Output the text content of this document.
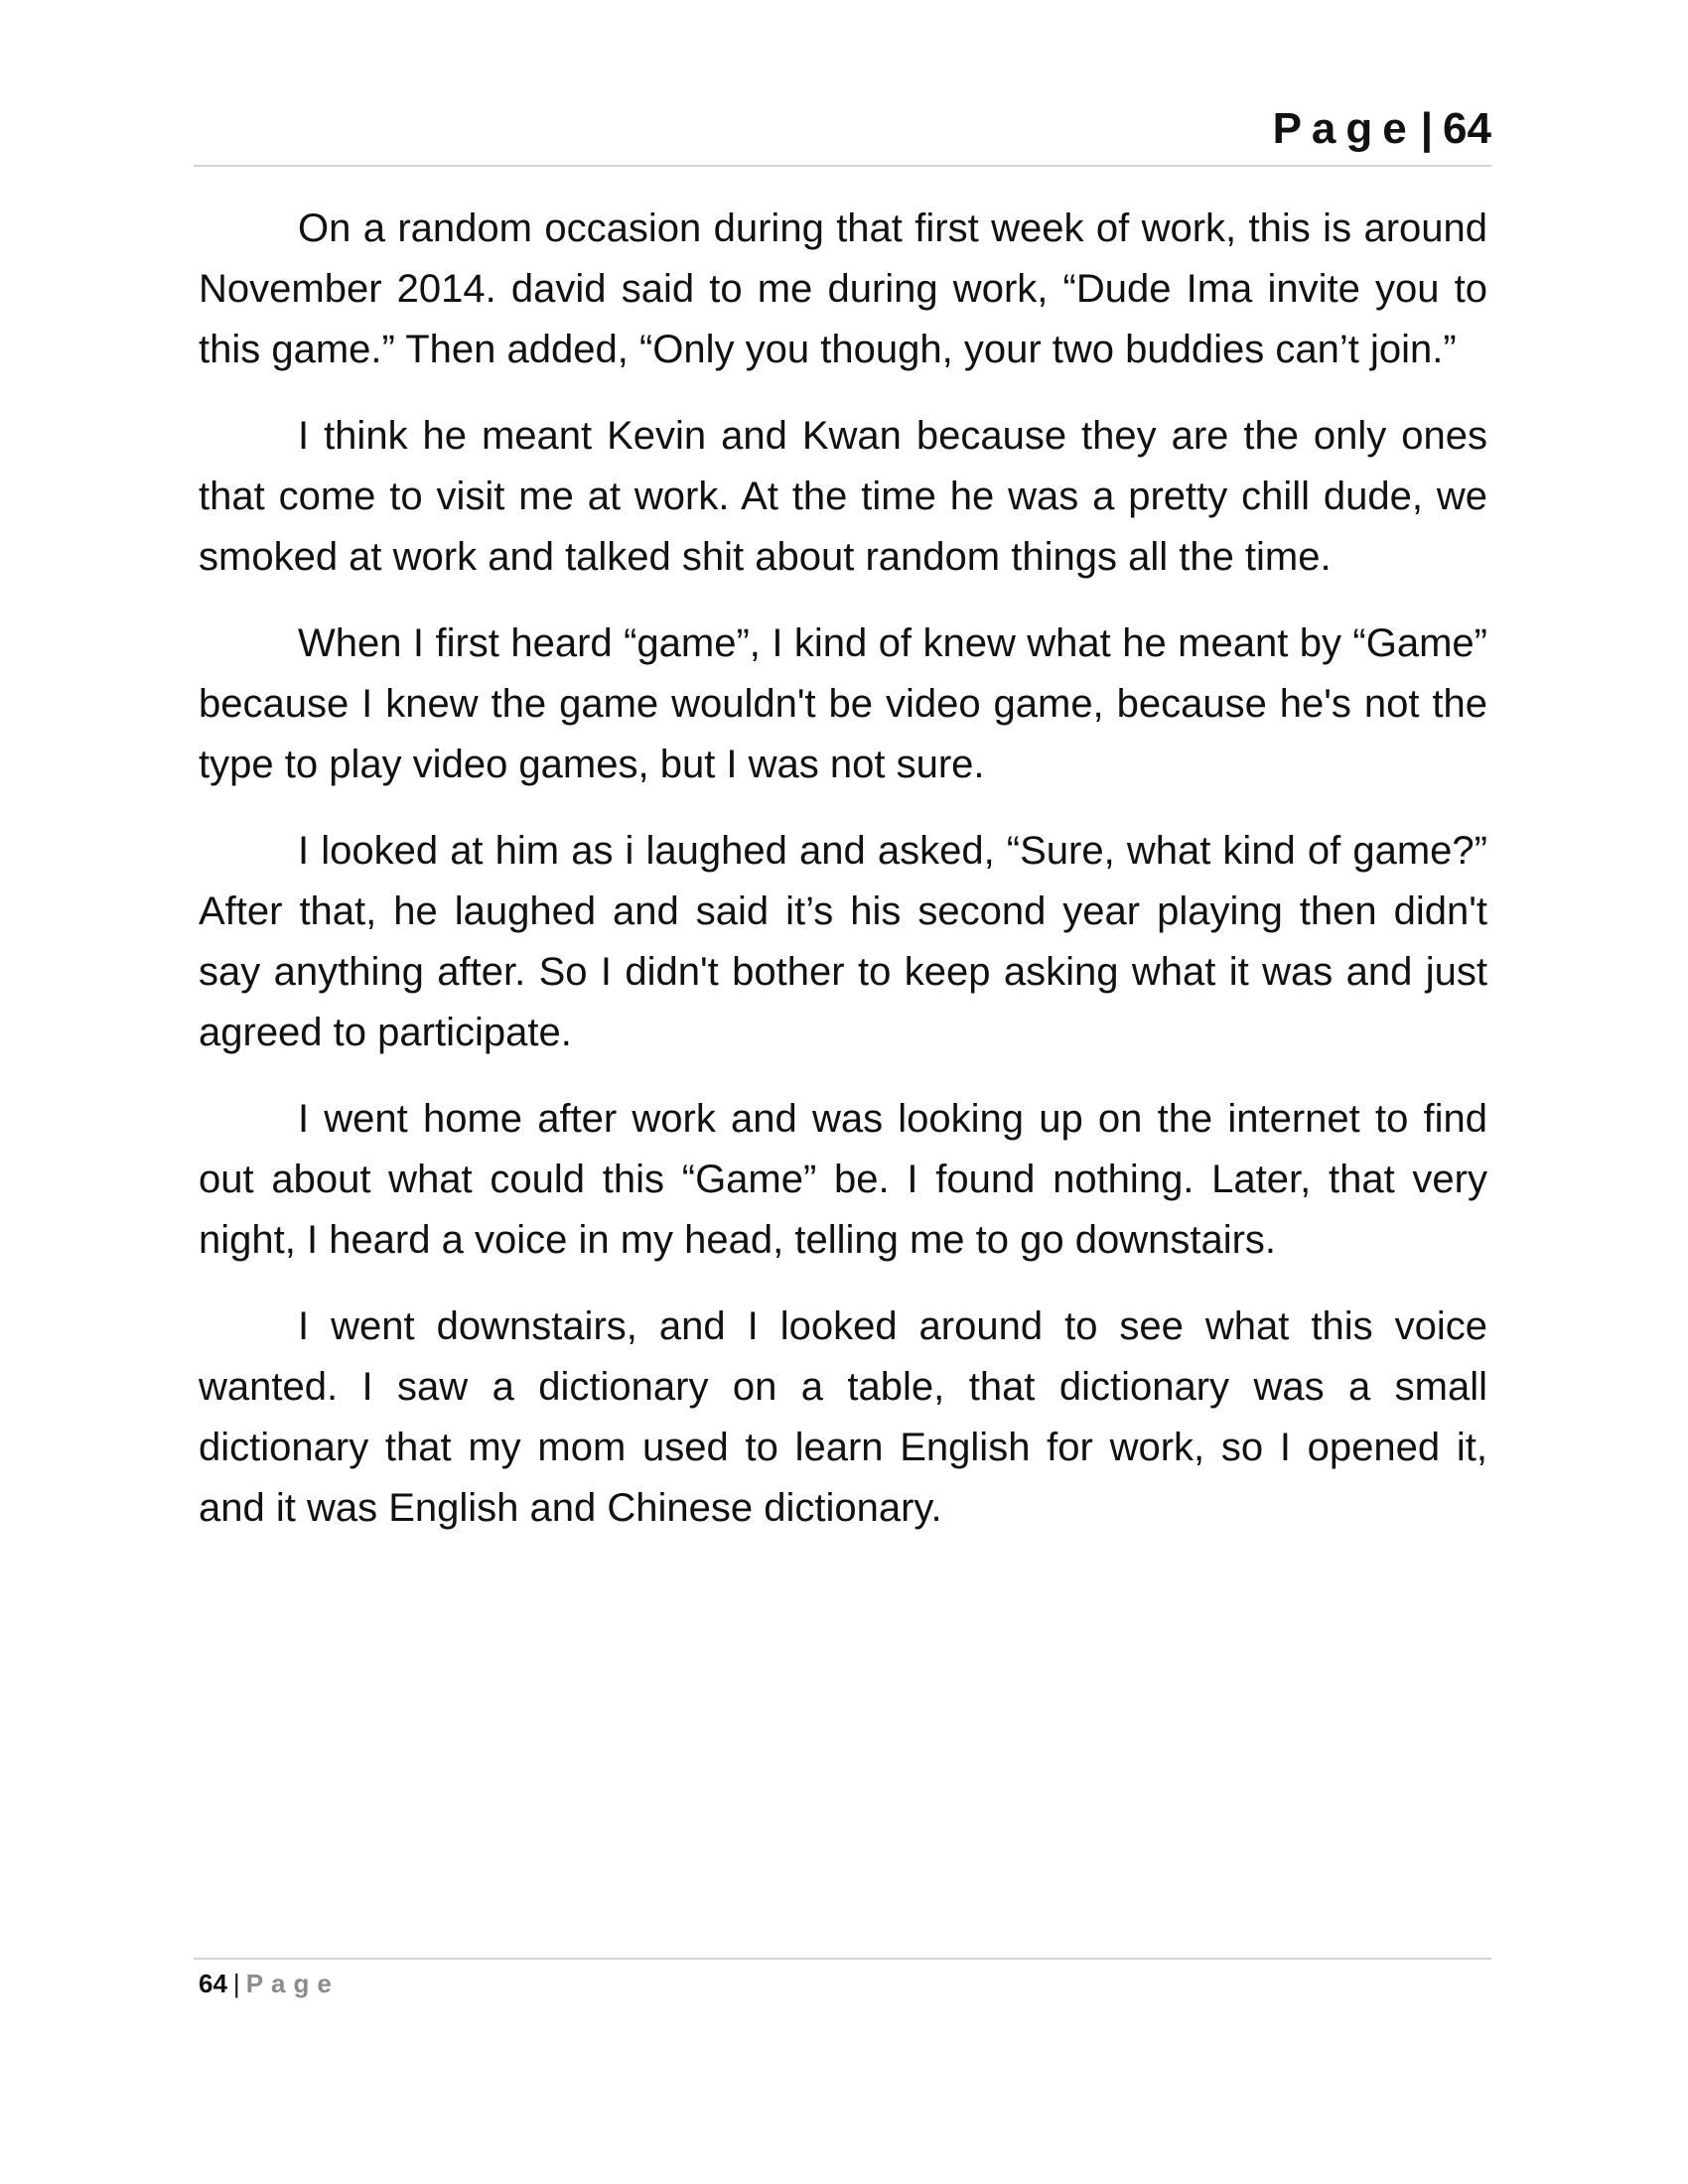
Page| 64

On a random occasion during that first week of work, this is around November 2014. david said to me during work, “Dude Ima invite you to this game.” Then added, “Only you though, your two buddies can’t join.”

I think he meant Kevin and Kwan because they are the only ones that come to visit me at work. At the time he was a pretty chill dude, we smoked at work and talked shit about random things all the time.

When I first heard “game”, I kind of knew what he meant by “Game” because I knew the game wouldn't be video game, because he's not the type to play video games, but I was not sure.

I looked at him as i laughed and asked, “Sure, what kind of game?” After that, he laughed and said it’s his second year playing then didn't say anything after. So I didn't bother to keep asking what it was and just agreed to participate.

I went home after work and was looking up on the internet to find out about what could this “Game” be. I found nothing. Later, that very night, I heard a voice in my head, telling me to go downstairs.

I went downstairs, and I looked around to see what this voice wanted. I saw a dictionary on a table, that dictionary was a small dictionary that my mom used to learn English for work, so I opened it, and it was English and Chinese dictionary.

64 | Page
